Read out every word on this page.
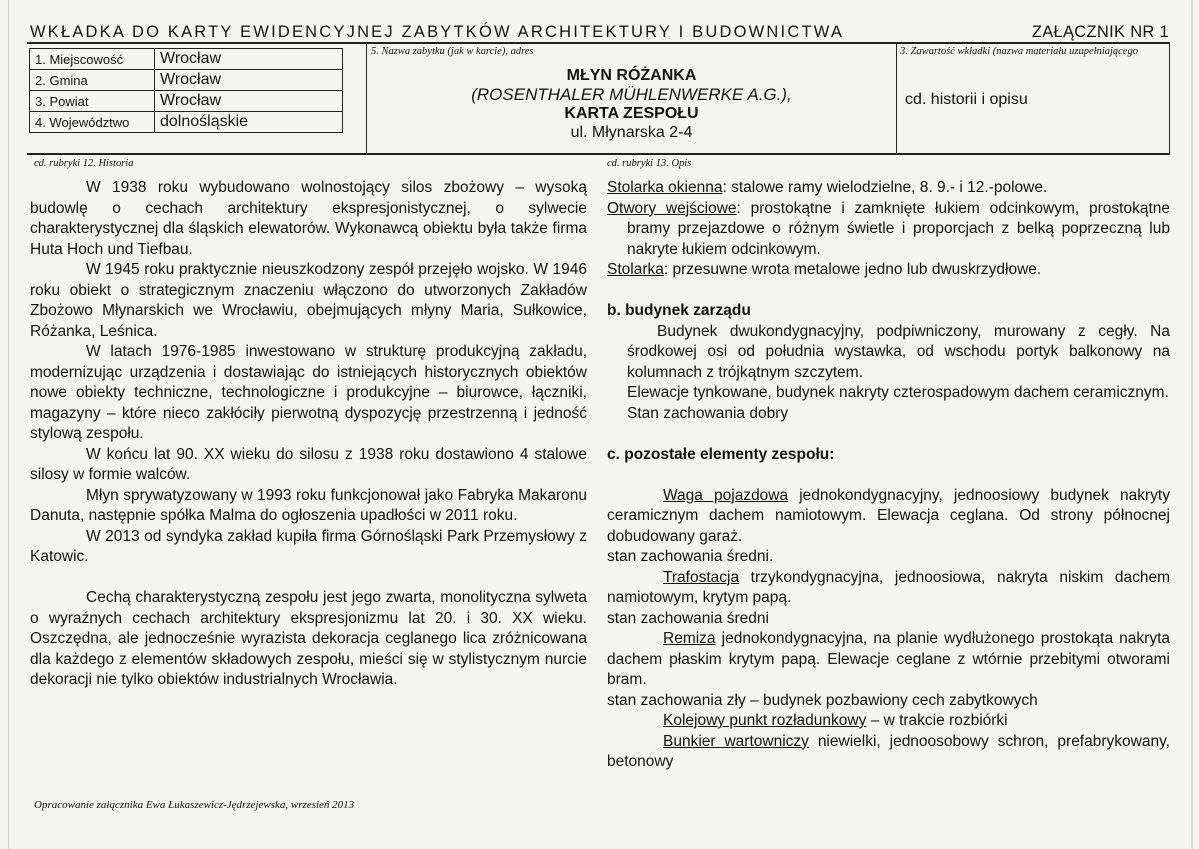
WKŁADKA DO KARTY EWIDENCYJNEJ ZABYTKÓW ARCHITEKTURY I BUDOWNICTWA	ZAŁĄCZNIK NR 1
1. Miejscowość	Wrocław
2. Gmina	Wrocław
3. Powiat	Wrocław
4. Województwo	dolnośląskie
5. Nazwa zabytku (jak w karcie), adres
MŁYN RÓŻANKA
(ROSENTHALER MÜHLENWERKE A.G.),
KARTA ZESPOŁU
ul. Młynarska 2-4
3. Zawartość wkładki (nazwa materiału uzupełniającego
cd. historii i opisu
cd. rubryki 12. Historia	cd. rubryki 13. Opis

W 1938 roku wybudowano wolnostojący silos zbożowy – wysoką budowlę o cechach architektury ekspresjonistycznej, o sylwecie charakterystycznej dla śląskich elewatorów. Wykonawcą obiektu była także firma Huta Hoch und Tiefbau.

W 1945 roku praktycznie nieuszkodzony zespół przejęło wojsko. W 1946 roku obiekt o strategicznym znaczeniu włączono do utworzonych Zakładów Zbożowo Młynarskich we Wrocławiu, obejmujących młyny Maria, Sułkowice, Różanka, Leśnica.

W latach 1976-1985 inwestowano w strukturę produkcyjną zakładu, modernizując urządzenia i dostawiając do istniejących historycznych obiektów nowe obiekty techniczne, technologiczne i produkcyjne – biurowce, łączniki, magazyny – które nieco zakłóciły pierwotną dyspozycję przestrzenną i jedność stylową zespołu.

W końcu lat 90. XX wieku do silosu z 1938 roku dostawiono 4 stalowe silosy w formie walców.

Młyn sprywatyzowany w 1993 roku funkcjonował jako Fabryka Makaronu Danuta, następnie spółka Malma do ogłoszenia upadłości w 2011 roku.

W 2013 od syndyka zakład kupiła firma Górnośląski Park Przemysłowy z Katowic.

Cechą charakterystyczną zespołu jest jego zwarta, monolityczna sylweta o wyraźnych cechach architektury ekspresjonizmu lat 20. i 30. XX wieku. Oszczędna, ale jednocześnie wyrazista dekoracja ceglanego lica zróżnicowana dla każdego z elementów składowych zespołu, mieści się w stylistycznym nurcie dekoracji nie tylko obiektów industrialnych Wrocławia.

Stolarka okienna: stalowe ramy wielodzielne, 8. 9.- i 12.-polowe.

Otwory wejściowe: prostokątne i zamknięte łukiem odcinkowym, prostokątne bramy przejazdowe o różnym świetle i proporcjach z belką poprzeczną lub nakryte łukiem odcinkowym.

Stolarka: przesuwne wrota metalowe jedno lub dwuskrzydłowe.

b. budynek zarządu

Budynek dwukondygnacyjny, podpiwniczony, murowany z cegły. Na środkowej osi od południa wystawka, od wschodu portyk balkonowy na kolumnach z trójkątnym szczytem.

Elewacje tynkowane, budynek nakryty czterospadowym dachem ceramicznym.

Stan zachowania dobry

c. pozostałe elementy zespołu:

Waga pojazdowa jednokondygnacyjny, jednoosiowy budynek nakryty ceramicznym dachem namiotowym. Elewacja ceglana. Od strony północnej dobudowany garaż.

stan zachowania średni.

Trafostacja trzykondygnacyjna, jednoosiowa, nakryta niskim dachem namiotowym, krytym papą.

stan zachowania średni

Remiza jednokondygnacyjna, na planie wydłużonego prostokąta nakryta dachem płaskim krytym papą. Elewacje ceglane z wtórnie przebitymi otworami bram.

stan zachowania zły – budynek pozbawiony cech zabytkowych

Kolejowy punkt rozładunkowy – w trakcie rozbiórki

Bunkier wartowniczy niewielki, jednoosobowy schron, prefabrykowany, betonowy

Opracowanie załącznika Ewa Łukaszewicz-Jędrzejewska, wrzesień 2013
